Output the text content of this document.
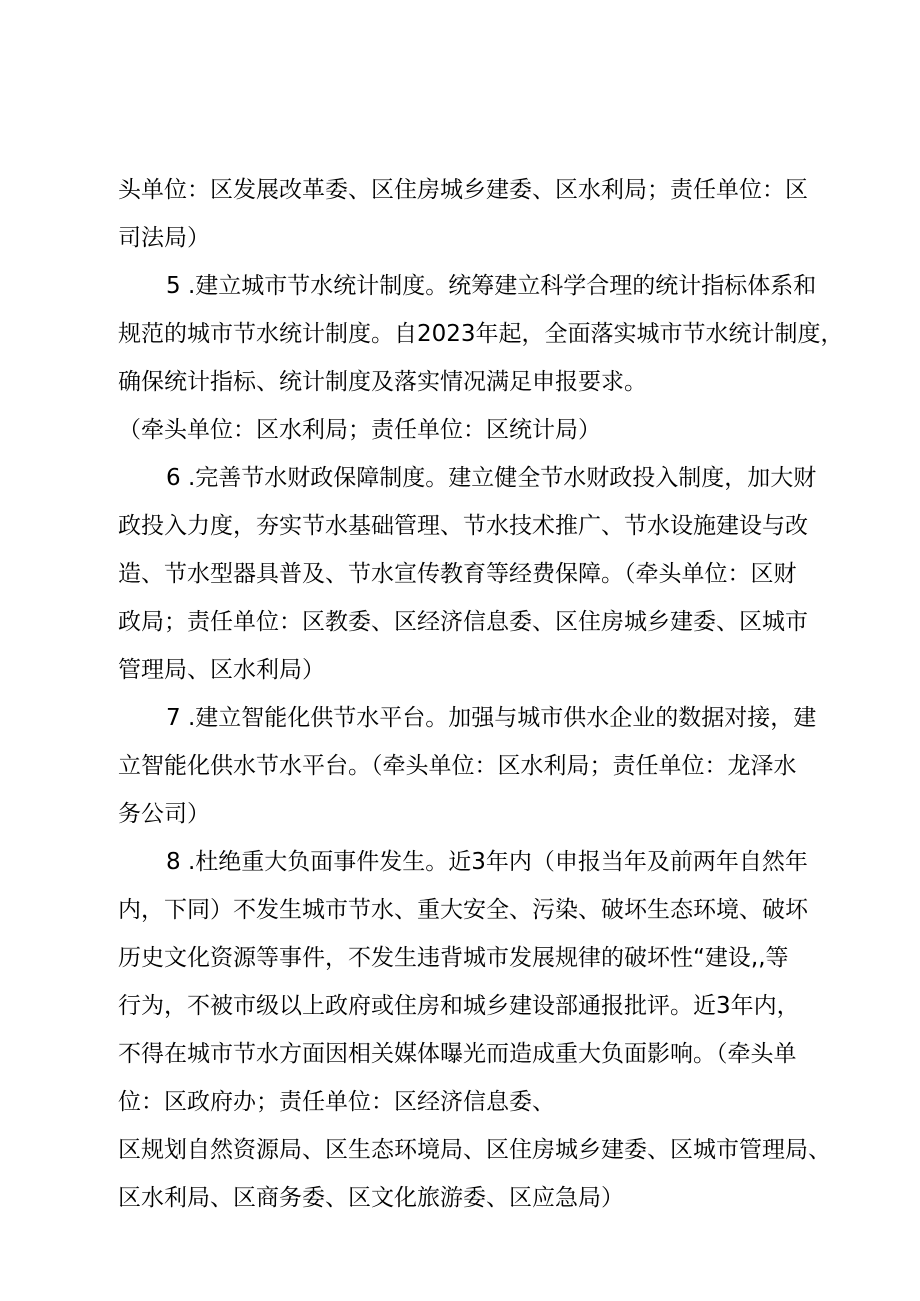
头单位：区发展改革委、区住房城乡建委、区水利局；责任单位：区
司法局）
5 .建立城市节水统计制度。统筹建立科学合理的统计指标体系和
规范的城市节水统计制度。自2023年起，全面落实城市节水统计制度，
确保统计指标、统计制度及落实情况满足申报要求。
（牵头单位：区水利局；责任单位：区统计局）
6 .完善节水财政保障制度。建立健全节水财政投入制度，加大财
政投入力度，夯实节水基础管理、节水技术推广、节水设施建设与改
造、节水型器具普及、节水宣传教育等经费保障。（牵头单位：区财
政局；责任单位：区教委、区经济信息委、区住房城乡建委、区城市
管理局、区水利局）
7 .建立智能化供节水平台。加强与城市供水企业的数据对接，建
立智能化供水节水平台。（牵头单位：区水利局；责任单位：龙泽水
务公司）
8 .杜绝重大负面事件发生。近3年内（申报当年及前两年自然年
内，下同）不发生城市节水、重大安全、污染、破坏生态环境、破坏
历史文化资源等事件，不发生违背城市发展规律的破坏性“建设,,等
行为，不被市级以上政府或住房和城乡建设部通报批评。近3年内，
不得在城市节水方面因相关媒体曝光而造成重大负面影响。（牵头单
位：区政府办；责任单位：区经济信息委、
区规划自然资源局、区生态环境局、区住房城乡建委、区城市管理局、
区水利局、区商务委、区文化旅游委、区应急局）
